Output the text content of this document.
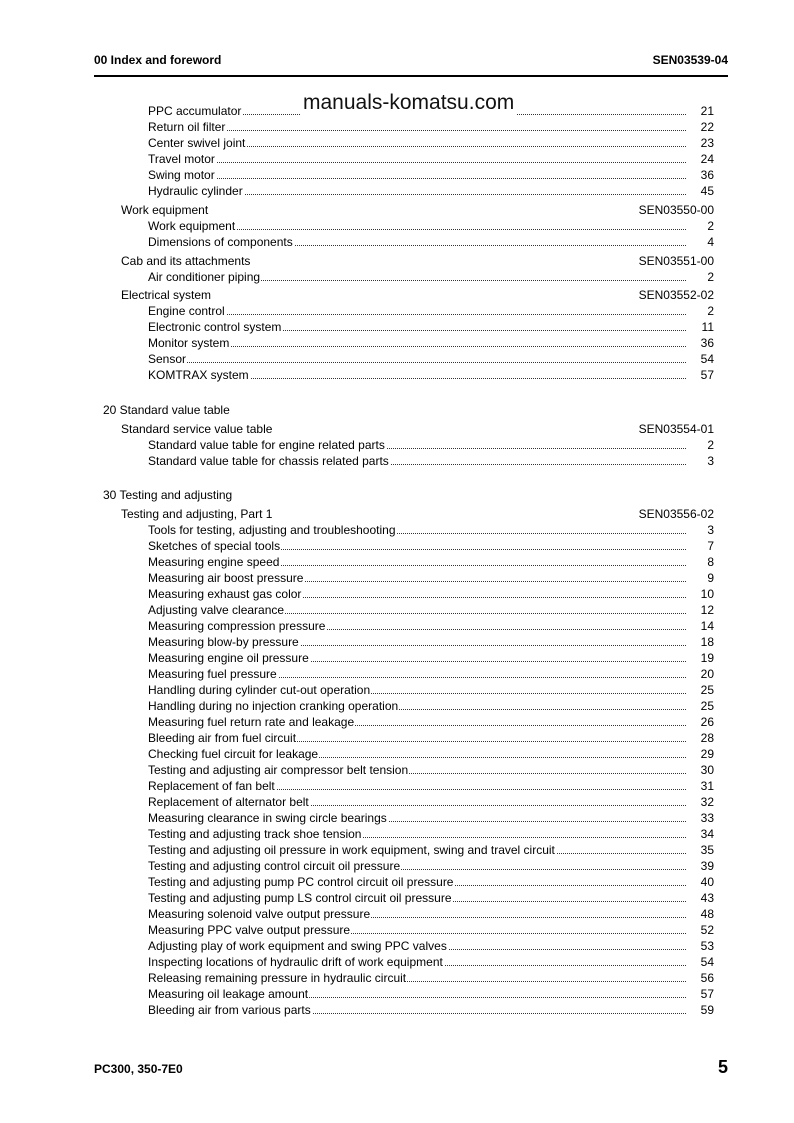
00 Index and foreword	SEN03539-04
manuals-komatsu.com
PPC accumulator	21
Return oil filter	22
Center swivel joint	23
Travel motor	24
Swing motor	36
Hydraulic cylinder	45
Work equipment	SEN03550-00
Work equipment	2
Dimensions of components	4
Cab and its attachments	SEN03551-00
Air conditioner piping	2
Electrical system	SEN03552-02
Engine control	2
Electronic control system	11
Monitor system	36
Sensor	54
KOMTRAX system	57
20 Standard value table
Standard service value table	SEN03554-01
Standard value table for engine related parts	2
Standard value table for chassis related parts	3
30 Testing and adjusting
Testing and adjusting, Part 1	SEN03556-02
Tools for testing, adjusting and troubleshooting	3
Sketches of special tools	7
Measuring engine speed	8
Measuring air boost pressure	9
Measuring exhaust gas color	10
Adjusting valve clearance	12
Measuring compression pressure	14
Measuring blow-by pressure	18
Measuring engine oil pressure	19
Measuring fuel pressure	20
Handling during cylinder cut-out operation	25
Handling during no injection cranking operation	25
Measuring fuel return rate and leakage	26
Bleeding air from fuel circuit	28
Checking fuel circuit for leakage	29
Testing and adjusting air compressor belt tension	30
Replacement of fan belt	31
Replacement of alternator belt	32
Measuring clearance in swing circle bearings	33
Testing and adjusting track shoe tension	34
Testing and adjusting oil pressure in work equipment, swing and travel circuit	35
Testing and adjusting control circuit oil pressure	39
Testing and adjusting pump PC control circuit oil pressure	40
Testing and adjusting pump LS control circuit oil pressure	43
Measuring solenoid valve output pressure	48
Measuring PPC valve output pressure	52
Adjusting play of work equipment and swing PPC valves	53
Inspecting locations of hydraulic drift of work equipment	54
Releasing remaining pressure in hydraulic circuit	56
Measuring oil leakage amount	57
Bleeding air from various parts	59
PC300, 350-7E0	5
